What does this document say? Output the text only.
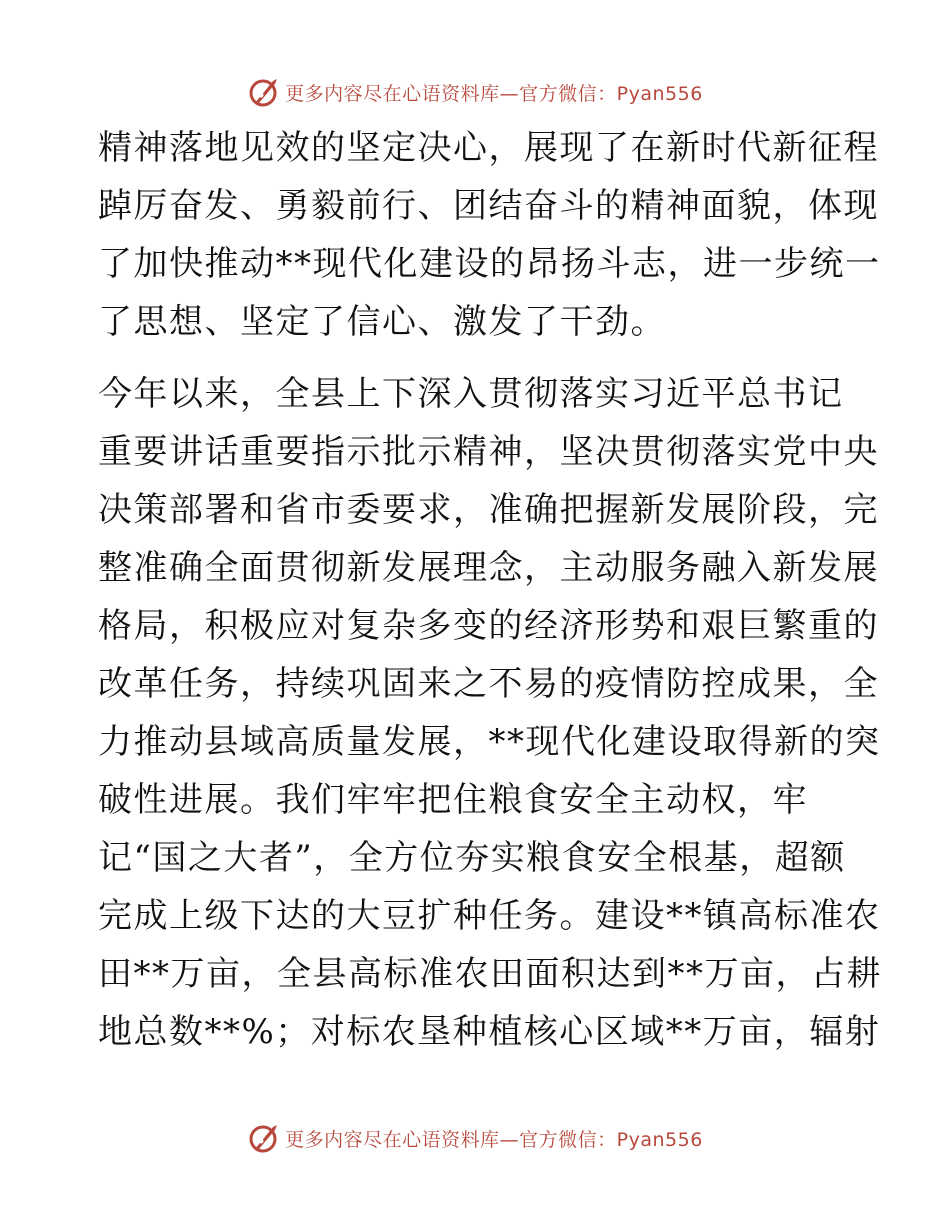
更多内容尽在心语资料库—官方微信：Pyan556
精神落地见效的坚定决心，展现了在新时代新征程
踔厉奋发、勇毅前行、团结奋斗的精神面貌，体现
了加快推动**现代化建设的昂扬斗志，进一步统一
了思想、坚定了信心、激发了干劲。
今年以来，全县上下深入贯彻落实习近平总书记
重要讲话重要指示批示精神，坚决贯彻落实党中央
决策部署和省市委要求，准确把握新发展阶段，完
整准确全面贯彻新发展理念，主动服务融入新发展
格局，积极应对复杂多变的经济形势和艰巨繁重的
改革任务，持续巩固来之不易的疫情防控成果，全
力推动县域高质量发展，**现代化建设取得新的突
破性进展。我们牢牢把住粮食安全主动权，牢
记“国之大者”，全方位夯实粮食安全根基，超额
完成上级下达的大豆扩种任务。建设**镇高标准农
田**万亩，全县高标准农田面积达到**万亩，占耕
地总数**%；对标农垦种植核心区域**万亩，辐射
更多内容尽在心语资料库—官方微信：Pyan556
